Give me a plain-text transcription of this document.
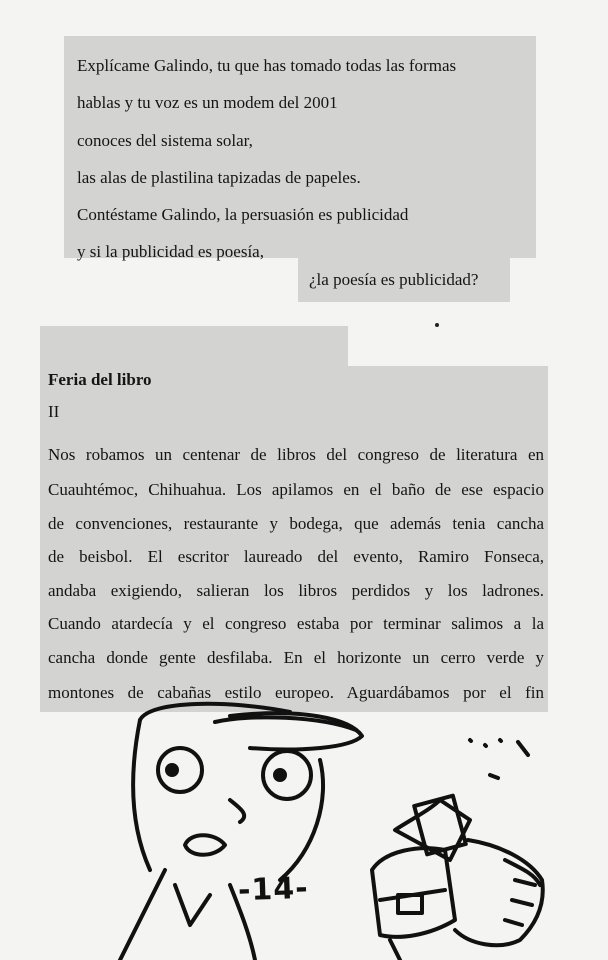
Explícame Galindo, tu que has tomado todas las formas

hablas y tu voz es un modem del 2001

conoces del sistema solar,

las alas de plastilina tapizadas de papeles.

Contéstame Galindo, la persuasión es publicidad

y si la publicidad es poesía,

¿la poesía es publicidad?

Feria del libro

II

Nos robamos un centenar de libros del congreso de literatura en

Cuauhtémoc, Chihuahua. Los apilamos en el baño de ese espacio

de convenciones, restaurante y bodega, que además tenia cancha

de beisbol. El escritor laureado del evento, Ramiro Fonseca,

andaba exigiendo, salieran los libros perdidos y los ladrones.

Cuando atardecía y el congreso estaba por terminar salimos a la

cancha donde gente desfilaba. En el horizonte un cerro verde y

montones de cabañas estilo europeo. Aguardábamos por el fin

-14-
